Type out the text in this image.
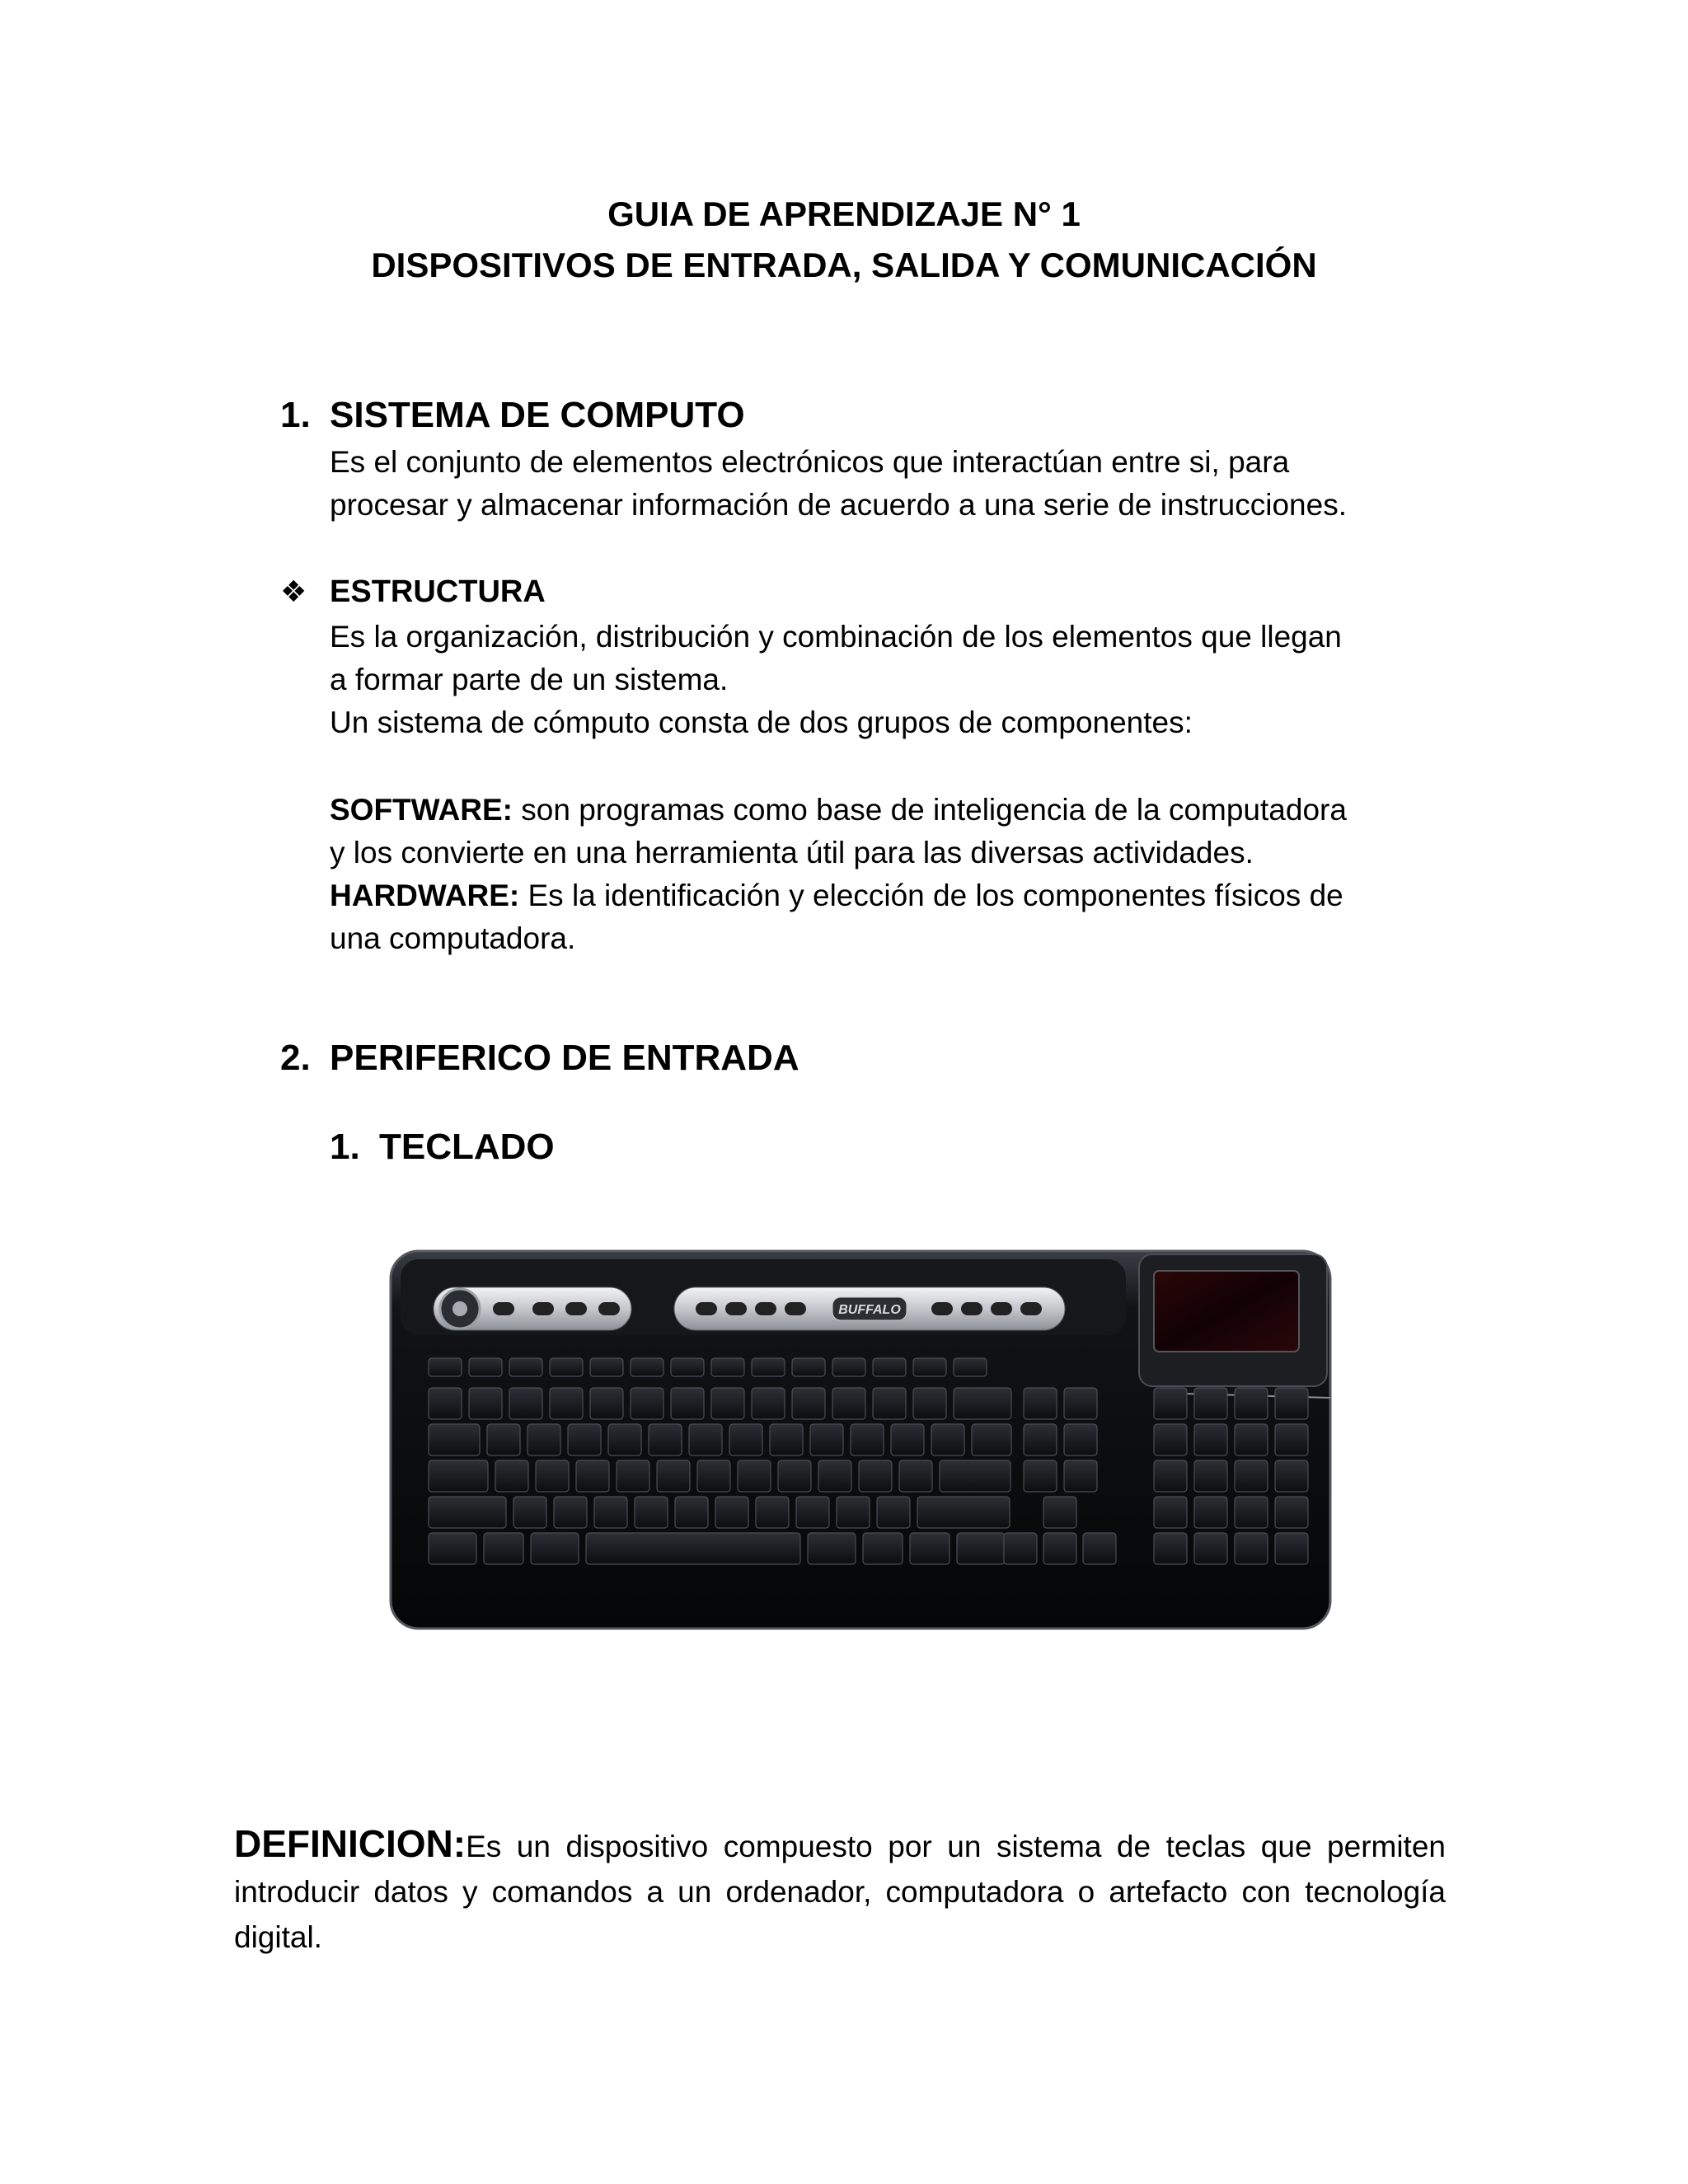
GUIA DE APRENDIZAJE N° 1
DISPOSITIVOS DE ENTRADA, SALIDA Y COMUNICACIÓN
1. SISTEMA DE COMPUTO
Es el conjunto de elementos electrónicos que interactúan entre si, para
procesar y almacenar información de acuerdo a una serie de instrucciones.
❖ ESTRUCTURA
Es la organización, distribución y combinación de los elementos que llegan
a formar parte de un sistema.
Un sistema de cómputo consta de dos grupos de componentes:
SOFTWARE: son programas como base de inteligencia de la computadora
y los convierte en una herramienta útil para las diversas actividades.
HARDWARE: Es la identificación y elección de los componentes físicos de
una computadora.
2. PERIFERICO DE ENTRADA
1. TECLADO
BUFFALO
DEFINICION:Es un dispositivo compuesto por un sistema de teclas que permiten introducir datos y comandos a un ordenador, computadora o artefacto con tecnología digital.
